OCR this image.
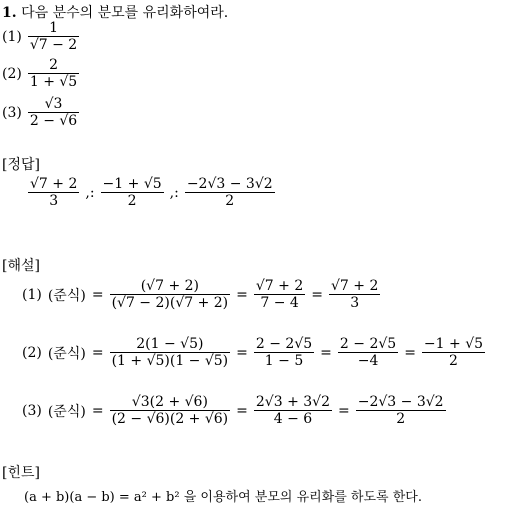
1. 다음 분수의 분모를 유리화하여라.
$(1) \frac{1}{√7 - 2}$
$(2) \frac{2}{1 + √5}$
$(3) \frac{√3}{2 - √6}$
[정답]
$\frac{√7 + 2}{3}$ ,: $\frac{-1 + √5}{2}$ ,: $\frac{-2√3 - 3√2}{2}$
[해설]
(1) (준식) = $\frac{(√7 + 2)}{(√7 - 2)(√7 + 2)} = \frac{√7 + 2}{7 - 4} = \frac{√7 + 2}{3}$
(2) (준식) = $\frac{2(1 - √5)}{(1 + √5)(1 - √5)} = \frac{2 - 2√5}{1 - 5} = \frac{2 - 2√5}{-4} = \frac{-1 + √5}{2}$
(3) (준식) = $\frac{√3(2 + √6)}{(2 - √6)(2 + √6)} = \frac{2√3 + 3√2}{4 - 6} = \frac{-2√3 - 3√2}{2}$
[힌트]
(a + b)(a − b) = a² + b² 을 이용하여 분모의 유리화를 하도록 한다.
